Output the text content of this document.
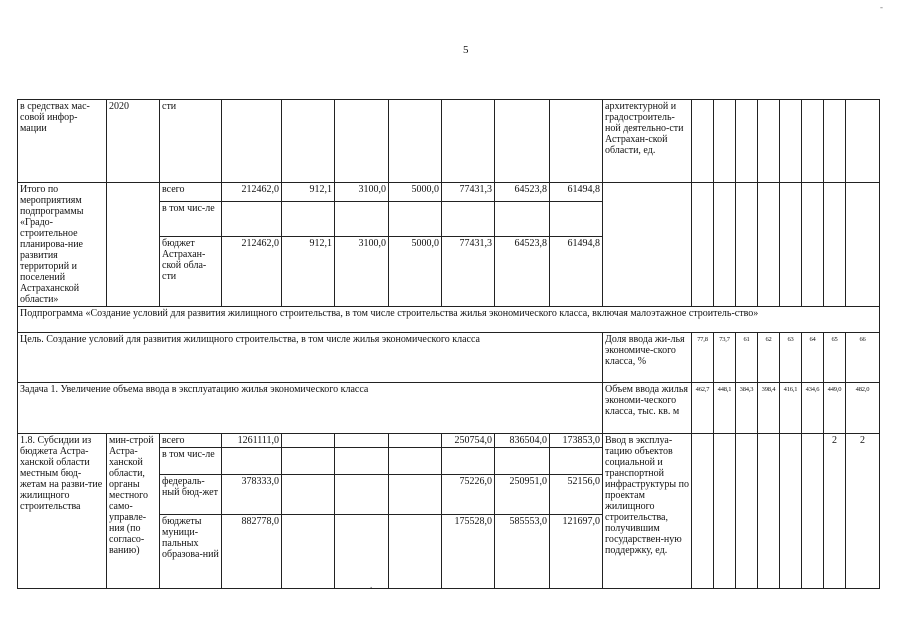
5
-
.
в средствах мас-совой инфор-мации	2020	сти								архитектурной и градостроитель-ной деятельно-сти Астрахан-ской области, ед.								
Итого по мероприятиям подпрограммы «Градо-строительное планирова-ние развития территорий и поселений Астраханской области»		всего	212462,0	912,1	3100,0	5000,0	77431,3	64523,8	61494,8									
		в том чис-ле																
		бюджет Астрахан-ской обла-сти	212462,0	912,1	3100,0	5000,0	77431,3	64523,8	61494,8									
Подпрограмма «Создание условий для развития жилищного строительства, в том числе строительства жилья экономического класса, включая малоэтажное строитель-ство»																		
Цель. Создание условий для развития жилищного строительства, в том числе жилья экономического класса										Доля ввода жи-лья экономиче-ского класса, %	77,8	73,7	61	62	63	64	65	66
Задача 1. Увеличение объема ввода в эксплуатацию жилья экономического класса										Объем ввода жилья экономи-ческого класса, тыс. кв. м	462,7	448,1	384,3	398,4	416,1	434,6	449,0	482,0
1.8. Субсидии из бюджета Астра-ханской области местным бюд-жетам на разви-тие жилищного строительства	мин-строй Астра-ханской области, органы местного само-управле-ния (по согласо-ванию)	всего	1261111,0				250754,0	836504,0	173853,0	Ввод в эксплуа-тацию объектов социальной и транспортной инфраструктуры по проектам жилищного строительства, получившим государствен-ную поддержку, ед.							2	2
		в том чис-ле																
		федераль-ный бюд-жет	378333,0				75226,0	250951,0	52156,0									
		бюджеты муници-пальных образова-ний	882778,0				175528,0	585553,0	121697,0									
